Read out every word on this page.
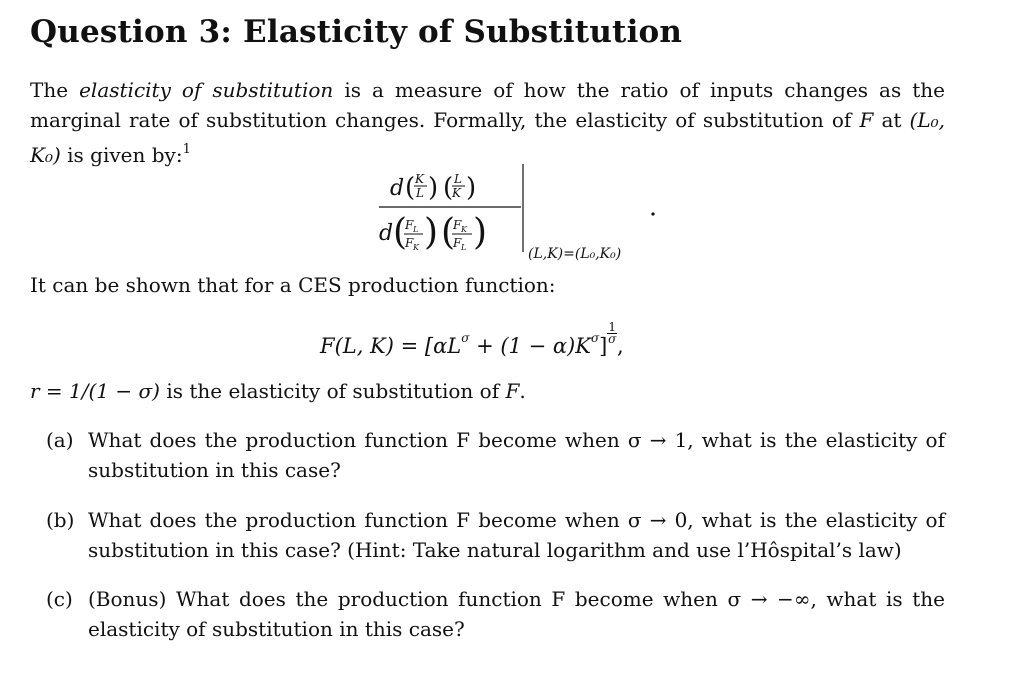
Question 3: Elasticity of Substitution

The elasticity of substitution is a measure of how the ratio of inputs changes as the marginal rate of substitution changes. Formally, the elasticity of substitution of F at (L₀, K₀) is given by:$^1$

d ( K
L ) ( L
K )
d (
F L
F K ) (
F K
F L )
(L,K)=(L₀,K₀)

It can be shown that for a CES production function:

F(L, $K) = [\alpha L^\sigma + (1 - \alpha)K^\sigma]$
$\frac{1}{\sigma}$
,

r = 1/(1 − σ) is the elasticity of substitution of F.

(a) What does the production function F become when σ → 1, what is the elasticity of substitution in this case?
(b) What does the production function F become when σ → 0, what is the elasticity of substitution in this case? (Hint: Take natural logarithm and use l’Hôspital’s law)
(c) (Bonus) What does the production function F become when σ → −∞, what is the elasticity of substitution in this case?
